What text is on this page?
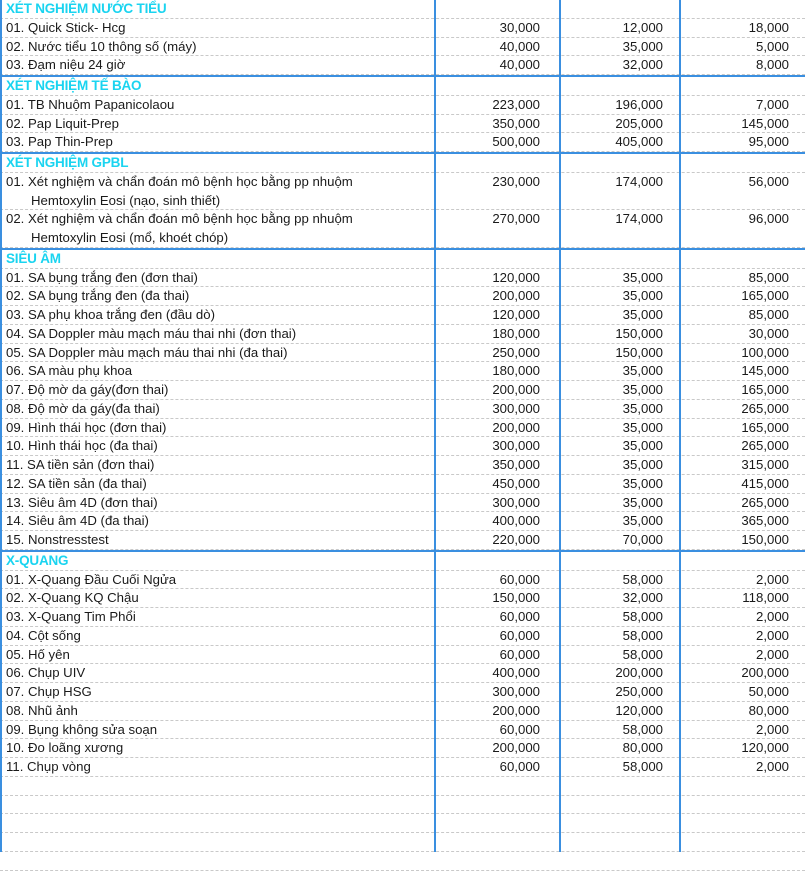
XÉT NGHIỆM NƯỚC TIỂU
01. Quick Stick- Hcg	30,000	12,000	18,000
02. Nước tiểu 10 thông số (máy)	40,000	35,000	5,000
03. Đạm niệu 24 giờ	40,000	32,000	8,000
XÉT NGHIỆM TẾ BÀO
01. TB Nhuộm Papanicolaou	223,000	196,000	7,000
02. Pap Liquit-Prep	350,000	205,000	145,000
03. Pap Thin-Prep	500,000	405,000	95,000
XÉT NGHIỆM GPBL
01. Xét nghiệm và chẩn đoán mô bệnh học bằng pp nhuộm
Hemtoxylin Eosi (nạo, sinh thiết)
230,000	174,000	56,000
02. Xét nghiệm và chẩn đoán mô bệnh học bằng pp nhuộm
Hemtoxylin Eosi (mổ, khoét chóp)
270,000	174,000	96,000
SIÊU ÂM
01. SA bụng trắng đen (đơn thai)	120,000	35,000	85,000
02. SA bụng trắng đen (đa thai)	200,000	35,000	165,000
03. SA phụ khoa trắng đen (đầu dò)	120,000	35,000	85,000
04. SA Doppler màu mạch máu thai nhi (đơn thai)	180,000	150,000	30,000
05. SA Doppler màu mạch máu thai nhi (đa thai)	250,000	150,000	100,000
06. SA màu phụ khoa	180,000	35,000	145,000
07. Độ mờ da gáy(đơn thai)	200,000	35,000	165,000
08. Độ mờ da gáy(đa thai)	300,000	35,000	265,000
09. Hình thái học (đơn thai)	200,000	35,000	165,000
10. Hình thái học (đa thai)	300,000	35,000	265,000
11. SA tiền sản (đơn thai)	350,000	35,000	315,000
12. SA tiền sản (đa thai)	450,000	35,000	415,000
13. Siêu âm 4D (đơn thai)	300,000	35,000	265,000
14. Siêu âm 4D (đa thai)	400,000	35,000	365,000
15. Nonstresstest	220,000	70,000	150,000
X-QUANG
01. X-Quang Đầu Cuối Ngửa	60,000	58,000	2,000
02. X-Quang KQ Chậu	150,000	32,000	118,000
03. X-Quang Tim Phổi	60,000	58,000	2,000
04. Cột sống	60,000	58,000	2,000
05. Hố yên	60,000	58,000	2,000
06. Chụp UIV	400,000	200,000	200,000
07. Chụp HSG	300,000	250,000	50,000
08. Nhũ ảnh	200,000	120,000	80,000
09. Bụng không sửa soạn	60,000	58,000	2,000
10. Đo loãng xương	200,000	80,000	120,000
11. Chụp vòng	60,000	58,000	2,000
